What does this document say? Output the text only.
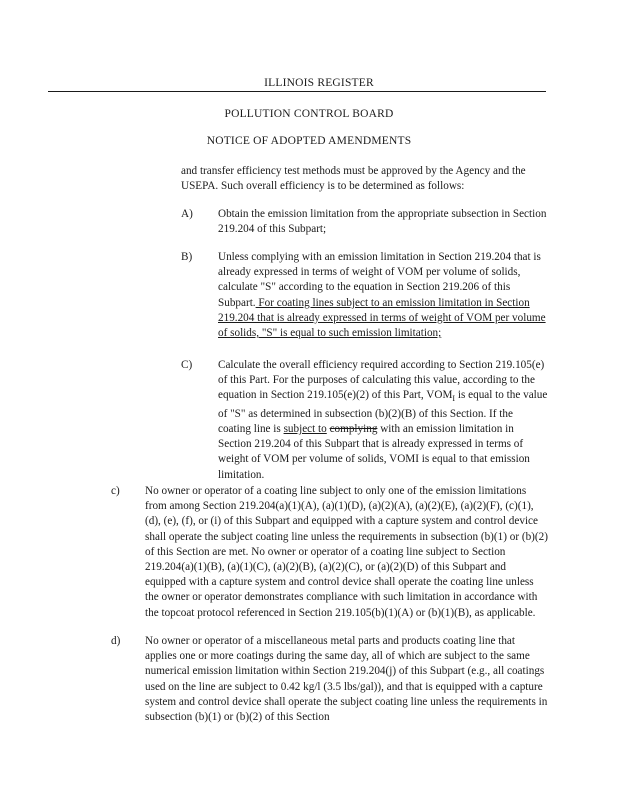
ILLINOIS REGISTER
POLLUTION CONTROL BOARD
NOTICE OF ADOPTED AMENDMENTS
and transfer efficiency test methods must be approved by the Agency and the USEPA. Such overall efficiency is to be determined as follows:
A) Obtain the emission limitation from the appropriate subsection in Section 219.204 of this Subpart;
B) Unless complying with an emission limitation in Section 219.204 that is already expressed in terms of weight of VOM per volume of solids, calculate "S" according to the equation in Section 219.206 of this Subpart. For coating lines subject to an emission limitation in Section 219.204 that is already expressed in terms of weight of VOM per volume of solids, "S" is equal to such emission limitation;
C) Calculate the overall efficiency required according to Section 219.105(e) of this Part. For the purposes of calculating this value, according to the equation in Section 219.105(e)(2) of this Part, $VOM_I$ is equal to the value of "S" as determined in subsection (b)(2)(B) of this Section. If the coating line is subject to complying with an emission limitation in Section 219.204 of this Subpart that is already expressed in terms of weight of VOM per volume of solids, VOMI is equal to that emission limitation.
c) No owner or operator of a coating line subject to only one of the emission limitations from among Section 219.204(a)(1)(A), (a)(1)(D), (a)(2)(A), (a)(2)(E), (a)(2)(F), (c)(1), (d), (e), (f), or (i) of this Subpart and equipped with a capture system and control device shall operate the subject coating line unless the requirements in subsection (b)(1) or (b)(2) of this Section are met. No owner or operator of a coating line subject to Section 219.204(a)(1)(B), (a)(1)(C), (a)(2)(B), (a)(2)(C), or (a)(2)(D) of this Subpart and equipped with a capture system and control device shall operate the coating line unless the owner or operator demonstrates compliance with such limitation in accordance with the topcoat protocol referenced in Section 219.105(b)(1)(A) or (b)(1)(B), as applicable.
d) No owner or operator of a miscellaneous metal parts and products coating line that applies one or more coatings during the same day, all of which are subject to the same numerical emission limitation within Section 219.204(j) of this Subpart (e.g., all coatings used on the line are subject to 0.42 kg/l (3.5 lbs/gal)), and that is equipped with a capture system and control device shall operate the subject coating line unless the requirements in subsection (b)(1) or (b)(2) of this Section
